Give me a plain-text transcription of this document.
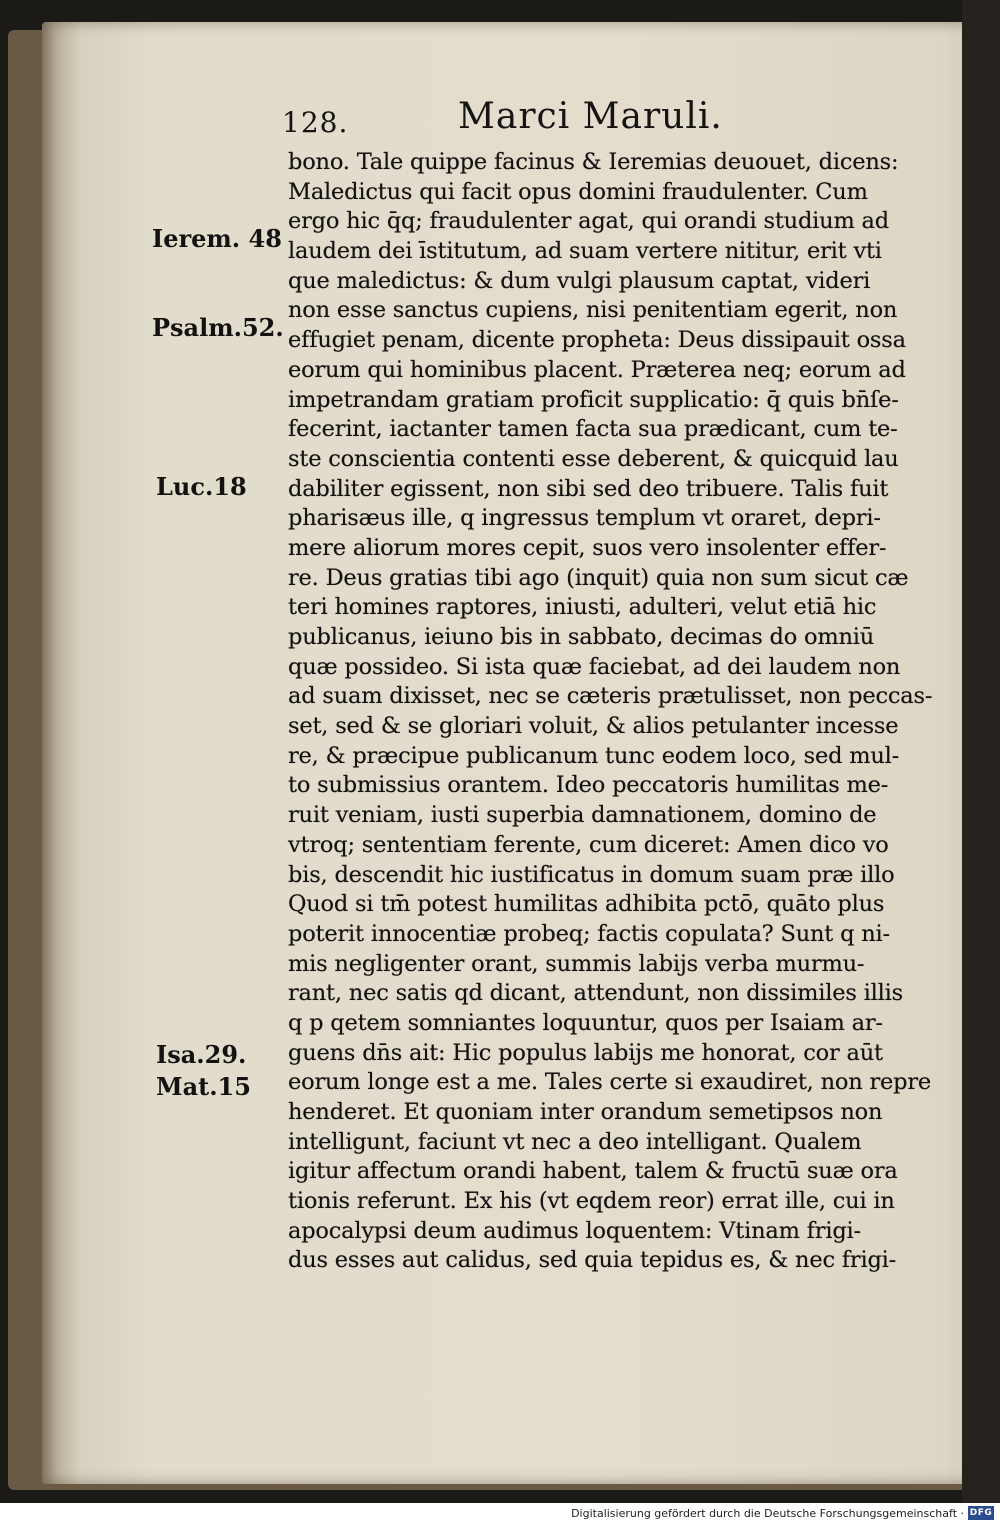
128.	Marci Maruli.
Ierem. 48
Psalm.52.
Luc.18
Isa.29.
Mat.15
bono. Tale quippe facinus & Ieremias deuouet, dicens:
Maledictus qui facit opus domini fraudulenter. Cum
ergo hic q̄q; fraudulenter agat, qui orandi studium ad
laudem dei īstitutum, ad suam vertere nititur, erit vti
que maledictus: & dum vulgi plausum captat, videri
non esse sanctus cupiens, nisi penitentiam egerit, non
effugiet penam, dicente propheta: Deus dissipauit ossa
eorum qui hominibus placent. Præterea neq; eorum ad
impetrandam gratiam proficit supplicatio: q̄ quis bn̄ſe-
fecerint, iactanter tamen facta sua prædicant, cum te-
ste conscientia contenti esse deberent, & quicquid lau
dabiliter egissent, non sibi sed deo tribuere. Talis fuit
pharisæus ille, q ingressus templum vt oraret, depri-
mere aliorum mores cepit, suos vero insolenter effer-
re. Deus gratias tibi ago (inquit) quia non sum sicut cæ
teri homines raptores, iniusti, adulteri, velut etiā hic
publicanus, ieiuno bis in sabbato, decimas do omniū
quæ possideo. Si ista quæ faciebat, ad dei laudem non
ad suam dixisset, nec se cæteris prætulisset, non peccas-
set, sed & se gloriari voluit, & alios petulanter incesse
re, & præcipue publicanum tunc eodem loco, sed mul-
to submissius orantem. Ideo peccatoris humilitas me-
ruit veniam, iusti superbia damnationem, domino de
vtroq; sententiam ferente, cum diceret: Amen dico vo
bis, descendit hic iustificatus in domum suam præ illo
Quod si tm̄ potest humilitas adhibita pctō, quāto plus
poterit innocentiæ probeq; factis copulata? Sunt q ni-
mis negligenter orant, summis labijs verba murmu-
rant, nec satis qd dicant, attendunt, non dissimiles illis
q p qetem somniantes loquuntur, quos per Isaiam ar-
guens dn̄s ait: Hic populus labijs me honorat, cor aūt
eorum longe est a me. Tales certe si exaudiret, non repre
henderet. Et quoniam inter orandum semetipsos non
intelligunt, faciunt vt nec a deo intelligant. Qualem
igitur affectum orandi habent, talem & fructū suæ ora
tionis referunt. Ex his (vt eqdem reor) errat ille, cui in
apocalypsi deum audimus loquentem: Vtinam frigi-
dus esses aut calidus, sed quia tepidus es, & nec frigi-
Digitalisierung gefördert durch die Deutsche Forschungsgemeinschaft · DFG
